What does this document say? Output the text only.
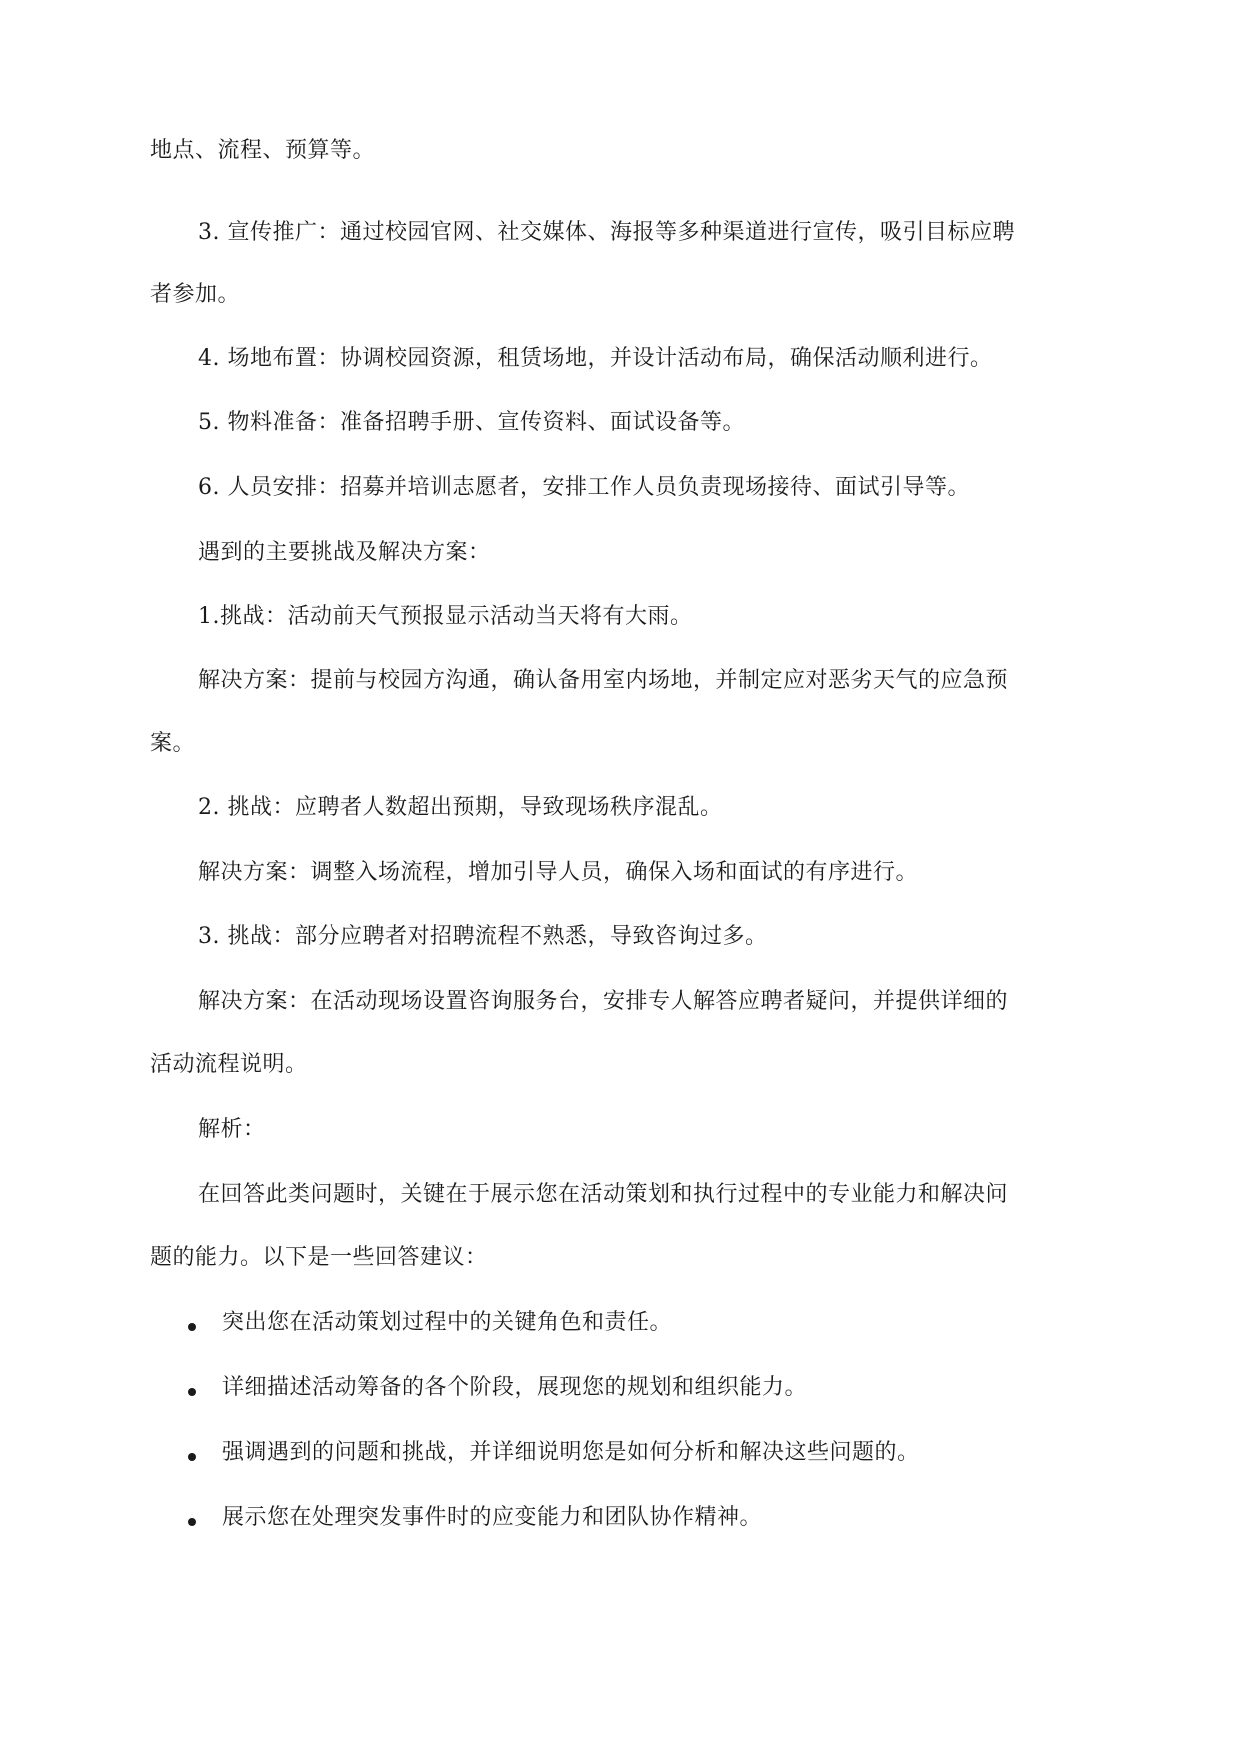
地点、流程、预算等。
3. 宣传推广：通过校园官网、社交媒体、海报等多种渠道进行宣传，吸引目标应聘
者参加。
4. 场地布置：协调校园资源，租赁场地，并设计活动布局，确保活动顺利进行。
5. 物料准备：准备招聘手册、宣传资料、面试设备等。
6. 人员安排：招募并培训志愿者，安排工作人员负责现场接待、面试引导等。
遇到的主要挑战及解决方案：
1.挑战：活动前天气预报显示活动当天将有大雨。
解决方案：提前与校园方沟通，确认备用室内场地，并制定应对恶劣天气的应急预
案。
2. 挑战：应聘者人数超出预期，导致现场秩序混乱。
解决方案：调整入场流程，增加引导人员，确保入场和面试的有序进行。
3. 挑战：部分应聘者对招聘流程不熟悉，导致咨询过多。
解决方案：在活动现场设置咨询服务台，安排专人解答应聘者疑问，并提供详细的
活动流程说明。
解析：
在回答此类问题时，关键在于展示您在活动策划和执行过程中的专业能力和解决问
题的能力。以下是一些回答建议：
突出您在活动策划过程中的关键角色和责任。
详细描述活动筹备的各个阶段，展现您的规划和组织能力。
强调遇到的问题和挑战，并详细说明您是如何分析和解决这些问题的。
展示您在处理突发事件时的应变能力和团队协作精神。
